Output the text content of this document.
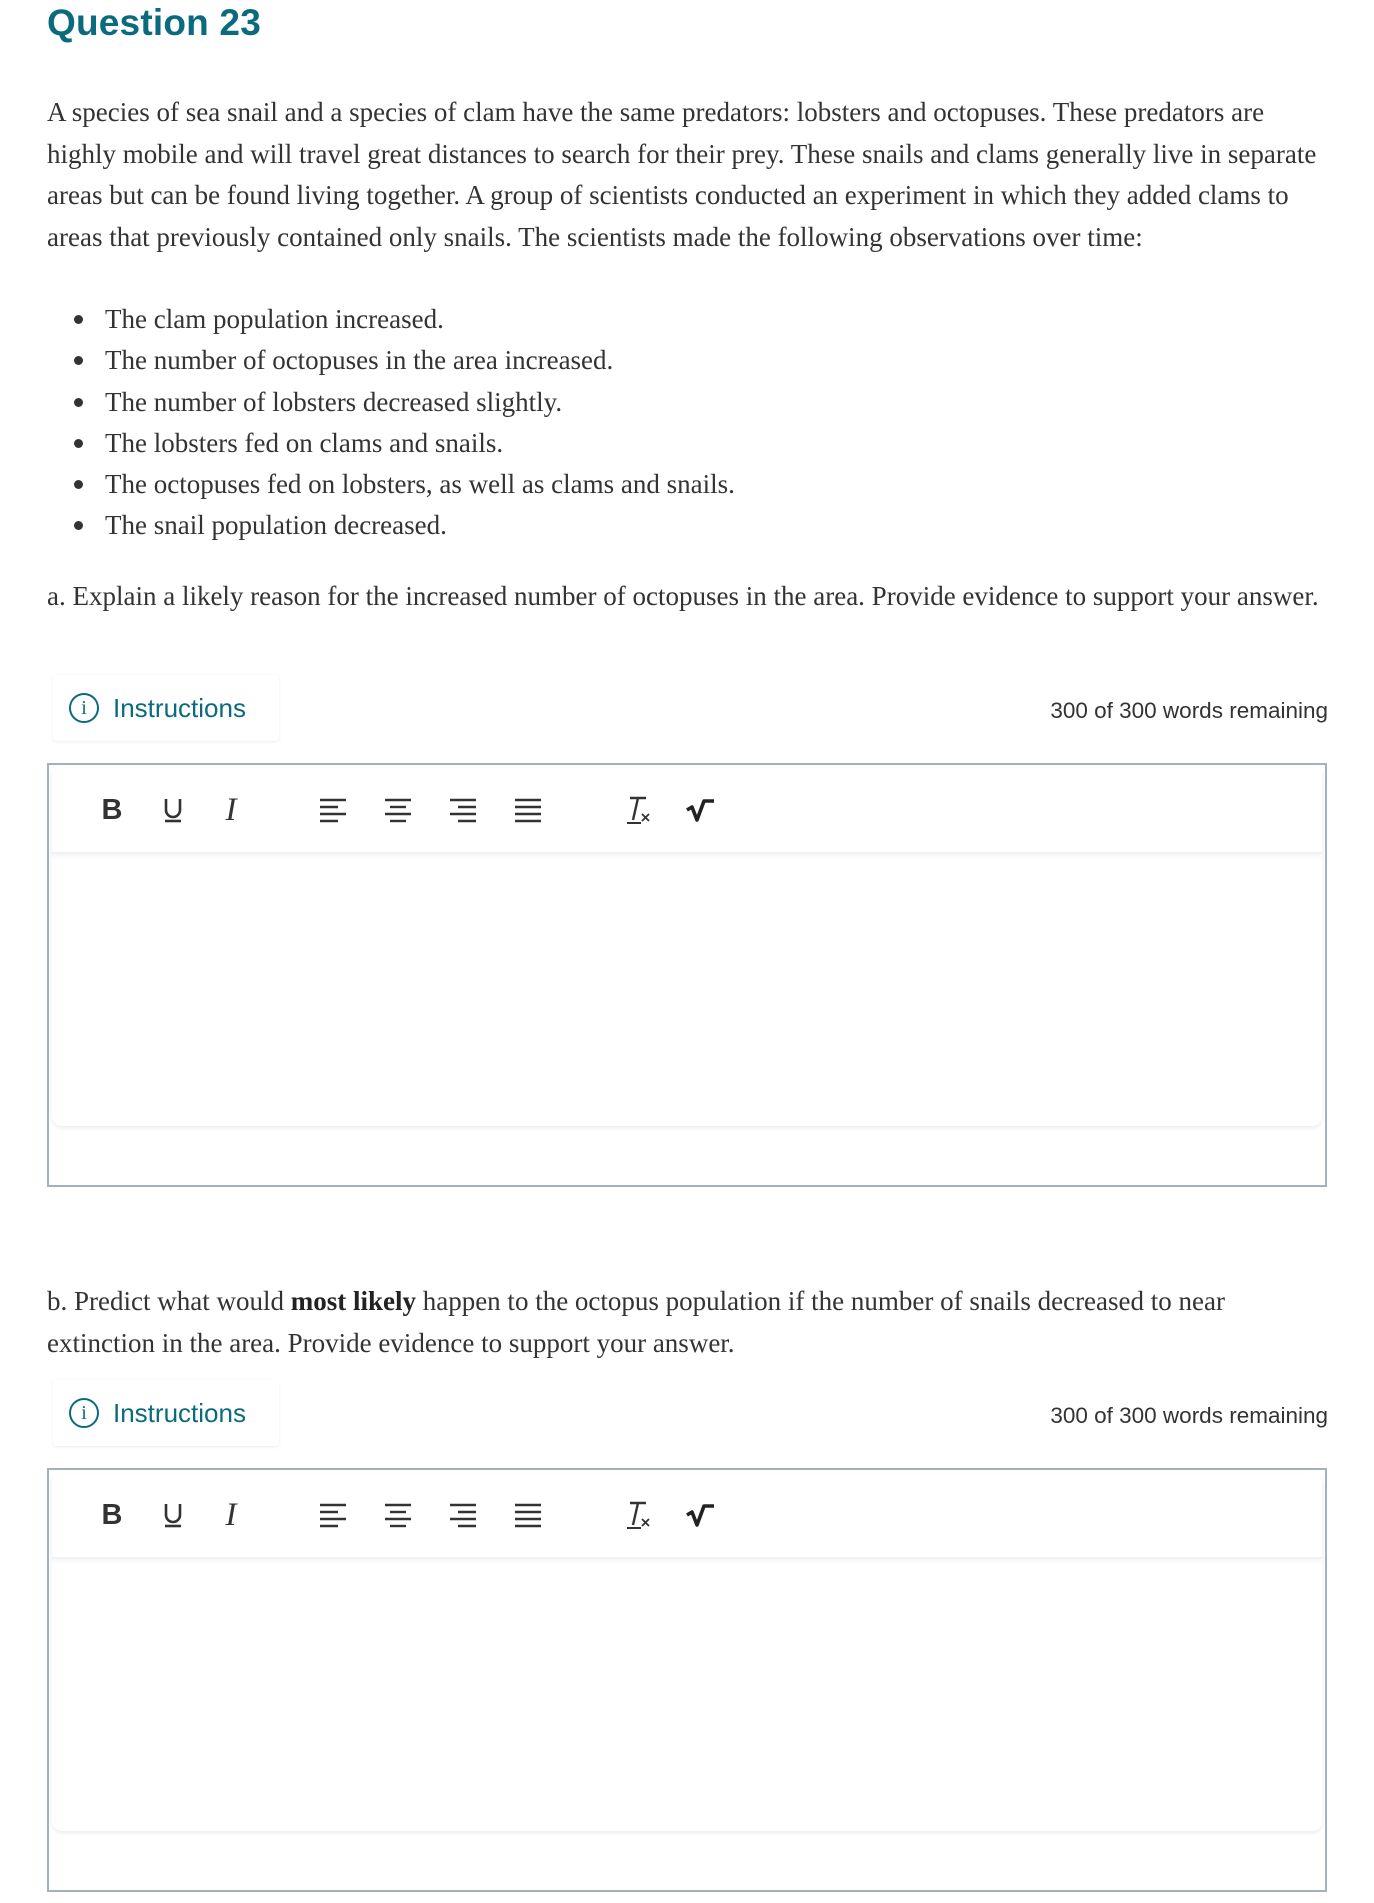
Question 23
A species of sea snail and a species of clam have the same predators: lobsters and octopuses. These predators are highly mobile and will travel great distances to search for their prey. These snails and clams generally live in separate areas but can be found living together. A group of scientists conducted an experiment in which they added clams to areas that previously contained only snails. The scientists made the following observations over time:
The clam population increased.
The number of octopuses in the area increased.
The number of lobsters decreased slightly.
The lobsters fed on clams and snails.
The octopuses fed on lobsters, as well as clams and snails.
The snail population decreased.
a. Explain a likely reason for the increased number of octopuses in the area. Provide evidence to support your answer.
i	Instructions	300 of 300 words remaining
B	I
b. Predict what would most likely happen to the octopus population if the number of snails decreased to near extinction in the area. Provide evidence to support your answer.
i	Instructions	300 of 300 words remaining
B	I
